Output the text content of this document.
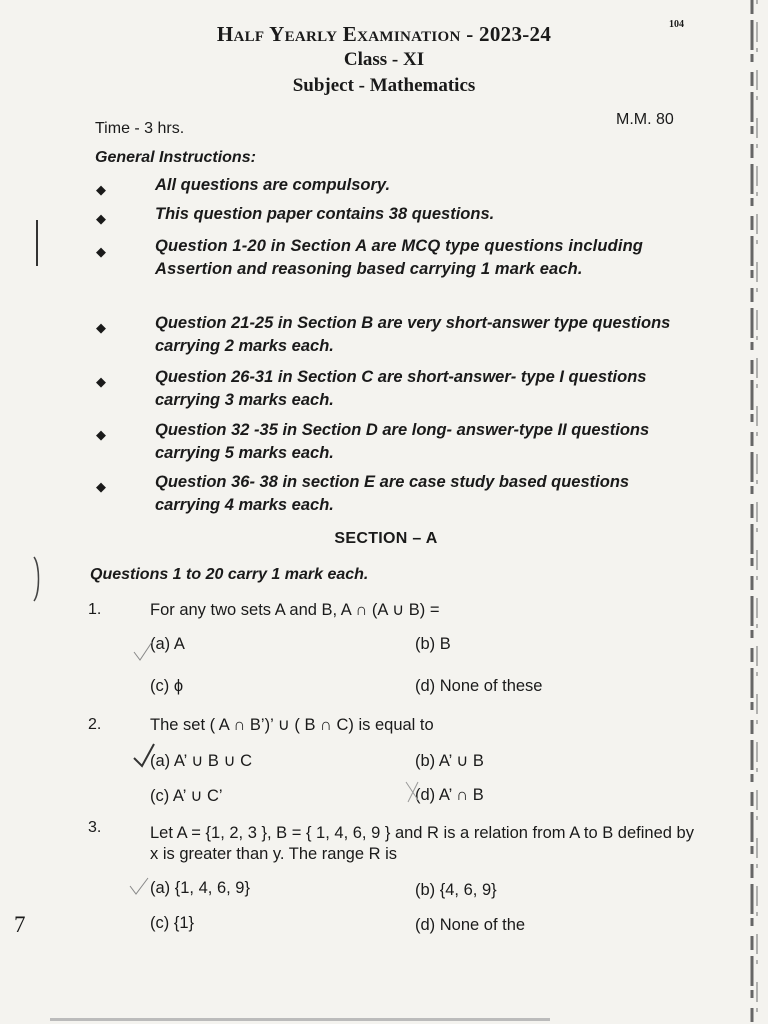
104
Half Yearly Examination - 2023-24
Class - XI
Subject - Mathematics
Time - 3 hrs.
M.M. 80
General Instructions:
◆	All questions are compulsory.
◆	This question paper contains 38 questions.
◆	Question 1-20 in Section A are MCQ type questions including Assertion and reasoning based carrying 1 mark each.
◆	Question 21-25 in Section B are very short-answer type questions carrying 2 marks each.
◆	Question 26-31 in Section C are short-answer- type I questions carrying 3 marks each.
◆	Question 32 -35 in Section D are long- answer-type II questions carrying 5 marks each.
◆	Question 36- 38 in section E are case study based questions carrying 4 marks each.
SECTION – A
Questions 1 to 20 carry 1 mark each.
1.	For any two sets A and B, A ∩ (A ∪ B) =
(a) A	(b) B
(c) ϕ	(d) None of these
2.	The set ( A ∩ B’)’ ∪ ( B ∩ C) is equal to
(a) A’ ∪ B ∪ C	(b) A’ ∪ B
(c) A’ ∪ C’	(d) A’ ∩ B
3.	Let A = {1, 2, 3 }, B = { 1, 4, 6, 9 } and R is a relation from A to B defined by x is greater than y. The range R is
(a) {1, 4, 6, 9}	(b) {4, 6, 9}
(c) {1}	(d) None of the
7
